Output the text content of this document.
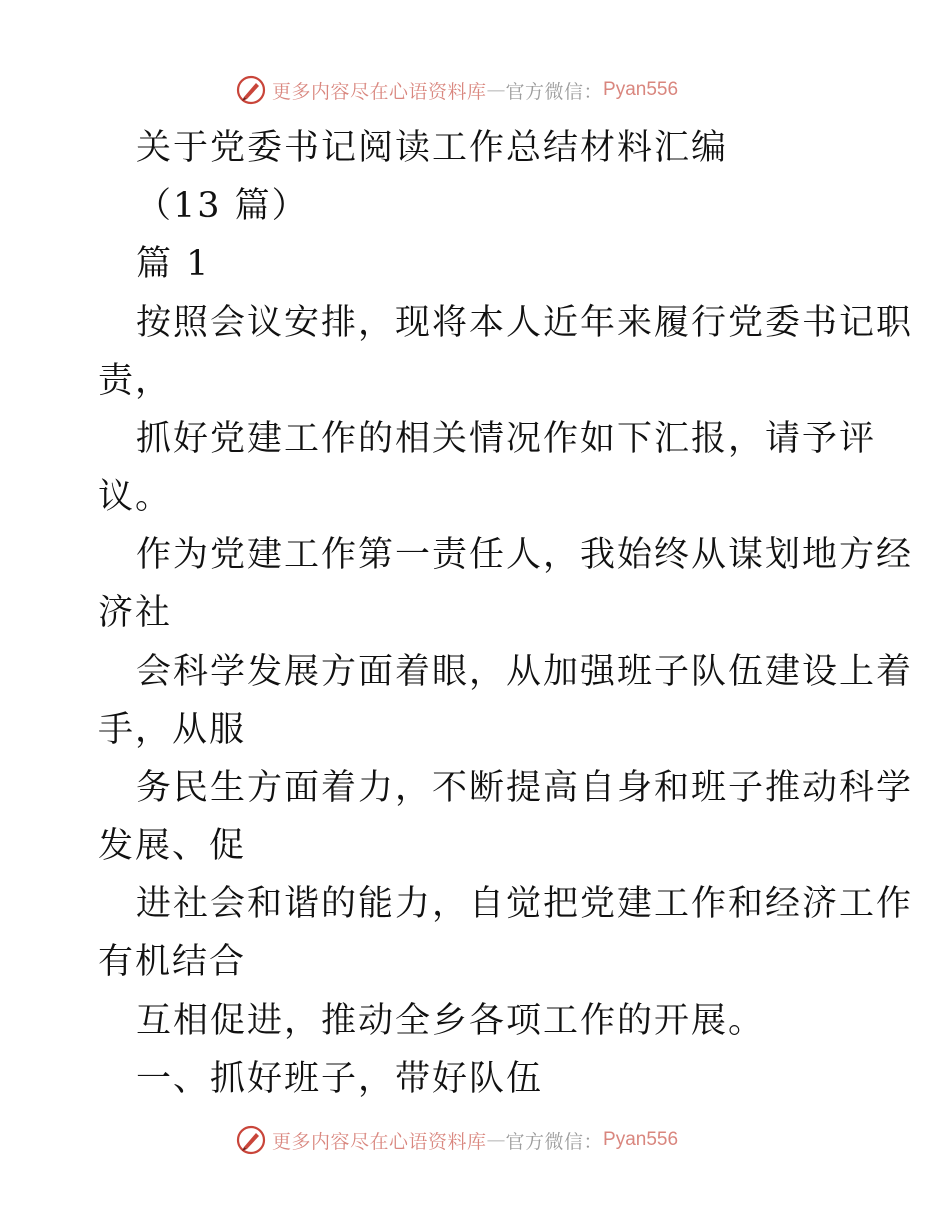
更多内容尽在心语资料库 — 官方微信： Pyan556
关于党委书记阅读工作总结材料汇编
（13 篇）
篇 1
按照会议安排，现将本人近年来履行党委书记职
责，
抓好党建工作的相关情况作如下汇报，请予评
议。
作为党建工作第一责任人，我始终从谋划地方经
济社
会科学发展方面着眼，从加强班子队伍建设上着
手，从服
务民生方面着力，不断提高自身和班子推动科学
发展、促
进社会和谐的能力，自觉把党建工作和经济工作
有机结合
互相促进，推动全乡各项工作的开展。
一、抓好班子，带好队伍
更多内容尽在心语资料库 — 官方微信： Pyan556
